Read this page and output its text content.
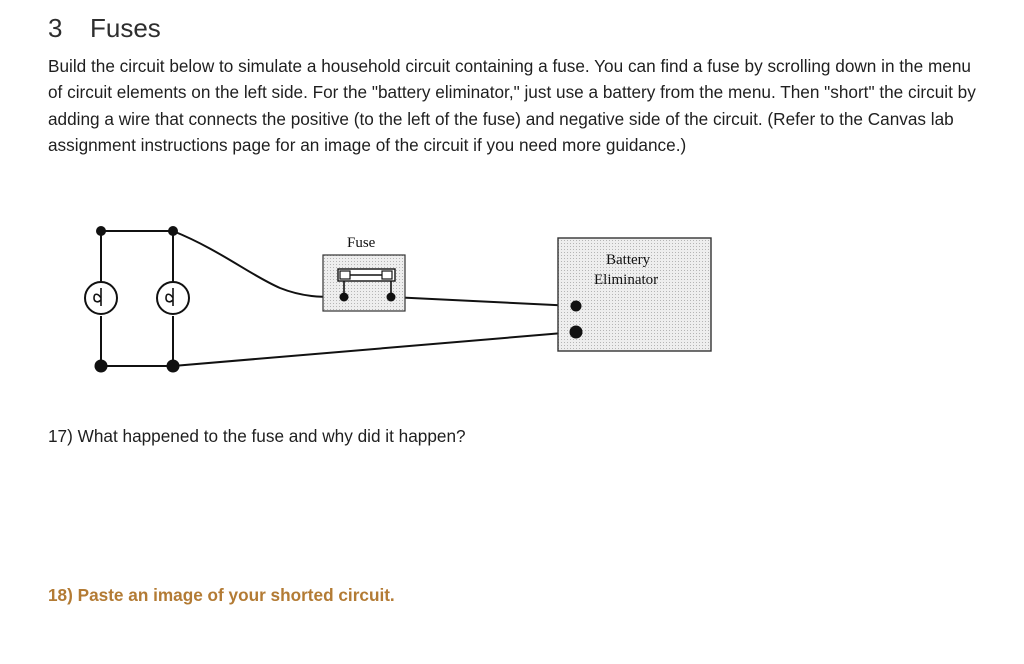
3 Fuses

Build the circuit below to simulate a household circuit containing a fuse. You can find a fuse by scrolling down in the menu of circuit elements on the left side. For the "battery eliminator," just use a battery from the menu. Then "short" the circuit by adding a wire that connects the positive (to the left of the fuse) and negative side of the circuit. (Refer to the Canvas lab assignment instructions page for an image of the circuit if you need more guidance.)

Fuse
Battery
Eliminator

17) What happened to the fuse and why did it happen?

18) Paste an image of your shorted circuit.
